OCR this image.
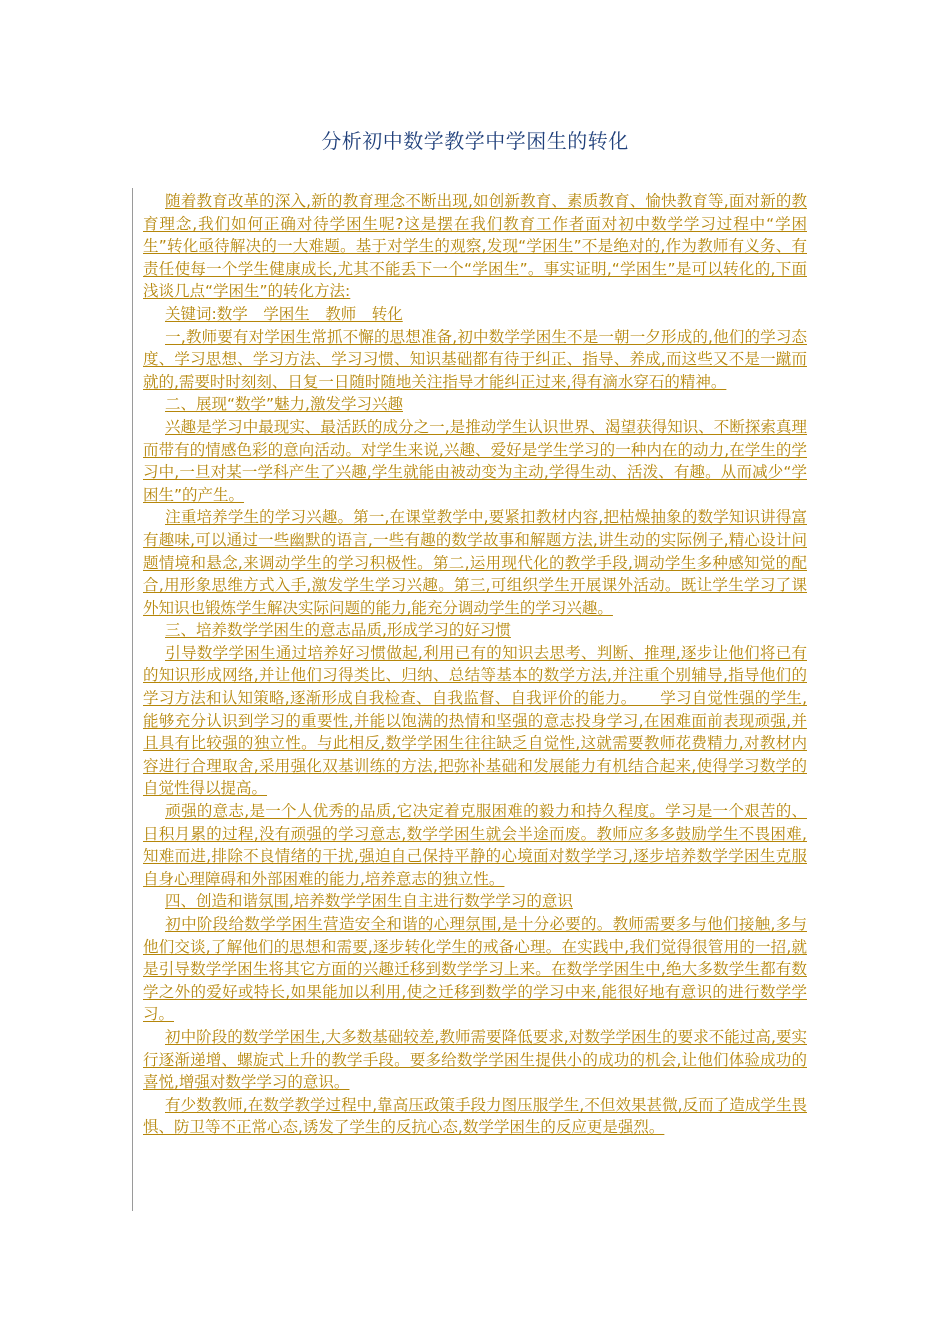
分析初中数学教学中学困生的转化

随着教育改革的深入,新的教育理念不断出现,如创新教育、素质教育、愉快教育等,面对新的教育理念,我们如何正确对待学困生呢?这是摆在我们教育工作者面对初中数学学习过程中“学困生”转化亟待解决的一大难题。基于对学生的观察,发现“学困生”不是绝对的,作为教师有义务、有责任使每一个学生健康成长,尤其不能丢下一个“学困生”。事实证明,“学困生”是可以转化的,下面浅谈几点“学困生”的转化方法:

关键词:数学　学困生　教师　转化

一,教师要有对学困生常抓不懈的思想准备,初中数学学困生不是一朝一夕形成的,他们的学习态度、学习思想、学习方法、学习习惯、知识基础都有待于纠正、指导、养成,而这些又不是一蹴而就的,需要时时刻刻、日复一日随时随地关注指导才能纠正过来,得有滴水穿石的精神。

二、展现“数学”魅力,激发学习兴趣

兴趣是学习中最现实、最活跃的成分之一,是推动学生认识世界、渴望获得知识、不断探索真理而带有的情感色彩的意向活动。对学生来说,兴趣、爱好是学生学习的一种内在的动力,在学生的学习中,一旦对某一学科产生了兴趣,学生就能由被动变为主动,学得生动、活泼、有趣。从而减少“学困生”的产生。

注重培养学生的学习兴趣。第一,在课堂教学中,要紧扣教材内容,把枯燥抽象的数学知识讲得富有趣味,可以通过一些幽默的语言,一些有趣的数学故事和解题方法,讲生动的实际例子,精心设计问题情境和悬念,来调动学生的学习积极性。第二,运用现代化的教学手段,调动学生多种感知觉的配合,用形象思维方式入手,激发学生学习兴趣。第三,可组织学生开展课外活动。既让学生学习了课外知识也锻炼学生解决实际问题的能力,能充分调动学生的学习兴趣。

三、培养数学学困生的意志品质,形成学习的好习惯

引导数学学困生通过培养好习惯做起,利用已有的知识去思考、判断、推理,逐步让他们将已有的知识形成网络,并让他们习得类比、归纳、总结等基本的数学方法,并注重个别辅导,指导他们的学习方法和认知策略,逐渐形成自我检查、自我监督、自我评价的能力。　　学习自觉性强的学生,能够充分认识到学习的重要性,并能以饱满的热情和坚强的意志投身学习,在困难面前表现顽强,并且具有比较强的独立性。与此相反,数学学困生往往缺乏自觉性,这就需要教师花费精力,对教材内容进行合理取舍,采用强化双基训练的方法,把弥补基础和发展能力有机结合起来,使得学习数学的自觉性得以提高。

顽强的意志,是一个人优秀的品质,它决定着克服困难的毅力和持久程度。学习是一个艰苦的、日积月累的过程,没有顽强的学习意志,数学学困生就会半途而废。教师应多多鼓励学生不畏困难,知难而进,排除不良情绪的干扰,强迫自己保持平静的心境面对数学学习,逐步培养数学学困生克服自身心理障碍和外部困难的能力,培养意志的独立性。

四、创造和谐氛围,培养数学学困生自主进行数学学习的意识

初中阶段给数学学困生营造安全和谐的心理氛围,是十分必要的。教师需要多与他们接触,多与他们交谈,了解他们的思想和需要,逐步转化学生的戒备心理。在实践中,我们觉得很管用的一招,就是引导数学学困生将其它方面的兴趣迁移到数学学习上来。在数学学困生中,绝大多数学生都有数学之外的爱好或特长,如果能加以利用,使之迁移到数学的学习中来,能很好地有意识的进行数学学习。

初中阶段的数学学困生,大多数基础较差,教师需要降低要求,对数学学困生的要求不能过高,要实行逐渐递增、螺旋式上升的教学手段。要多给数学学困生提供小的成功的机会,让他们体验成功的喜悦,增强对数学学习的意识。

有少数教师,在数学教学过程中,靠高压政策手段力图压服学生,不但效果甚微,反而了造成学生畏惧、防卫等不正常心态,诱发了学生的反抗心态,数学学困生的反应更是强烈。
